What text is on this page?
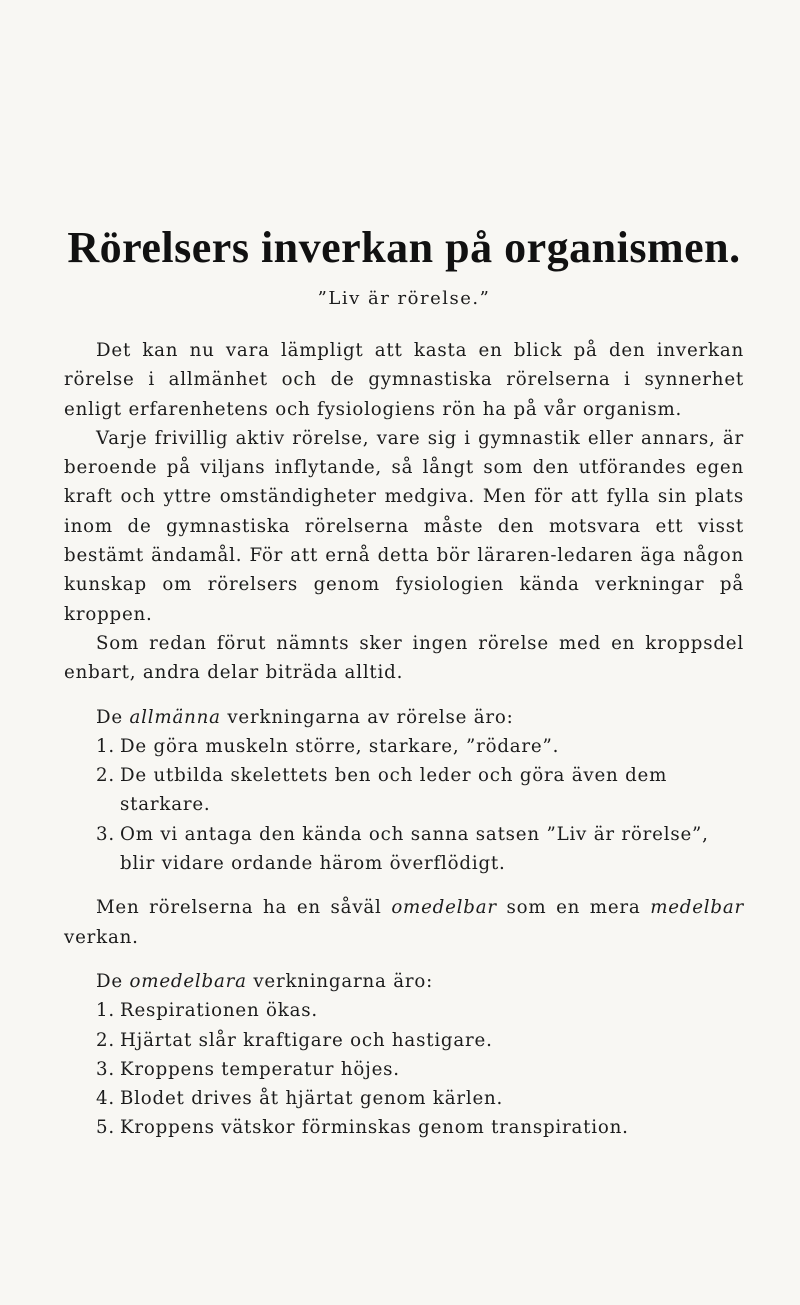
Rörelsers inverkan på organismen.

”Liv är rörelse.”

Det kan nu vara lämpligt att kasta en blick på den inverkan rörelse i allmänhet och de gymnastiska rörelserna i synnerhet enligt erfarenhetens och fysiologiens rön ha på vår organism.

Varje frivillig aktiv rörelse, vare sig i gymnastik eller annars, är beroende på viljans inflytande, så långt som den utförandes egen kraft och yttre omständigheter medgiva. Men för att fylla sin plats inom de gymnastiska rörelserna måste den motsvara ett visst bestämt ändamål. För att ernå detta bör läraren-ledaren äga någon kunskap om rörelsers genom fysiologien kända verkningar på kroppen.

Som redan förut nämnts sker ingen rörelse med en kroppsdel enbart, andra delar biträda alltid.

De allmänna verkningarna av rörelse äro:

1. De göra muskeln större, starkare, ”rödare”.
2. De utbilda skelettets ben och leder och göra även dem starkare.
3. Om vi antaga den kända och sanna satsen ”Liv är rörelse”, blir vidare ordande härom överflödigt.

Men rörelserna ha en såväl omedelbar som en mera medelbar verkan.

De omedelbara verkningarna äro:

1. Respirationen ökas.
2. Hjärtat slår kraftigare och hastigare.
3. Kroppens temperatur höjes.
4. Blodet drives åt hjärtat genom kärlen.
5. Kroppens vätskor förminskas genom transpiration.
